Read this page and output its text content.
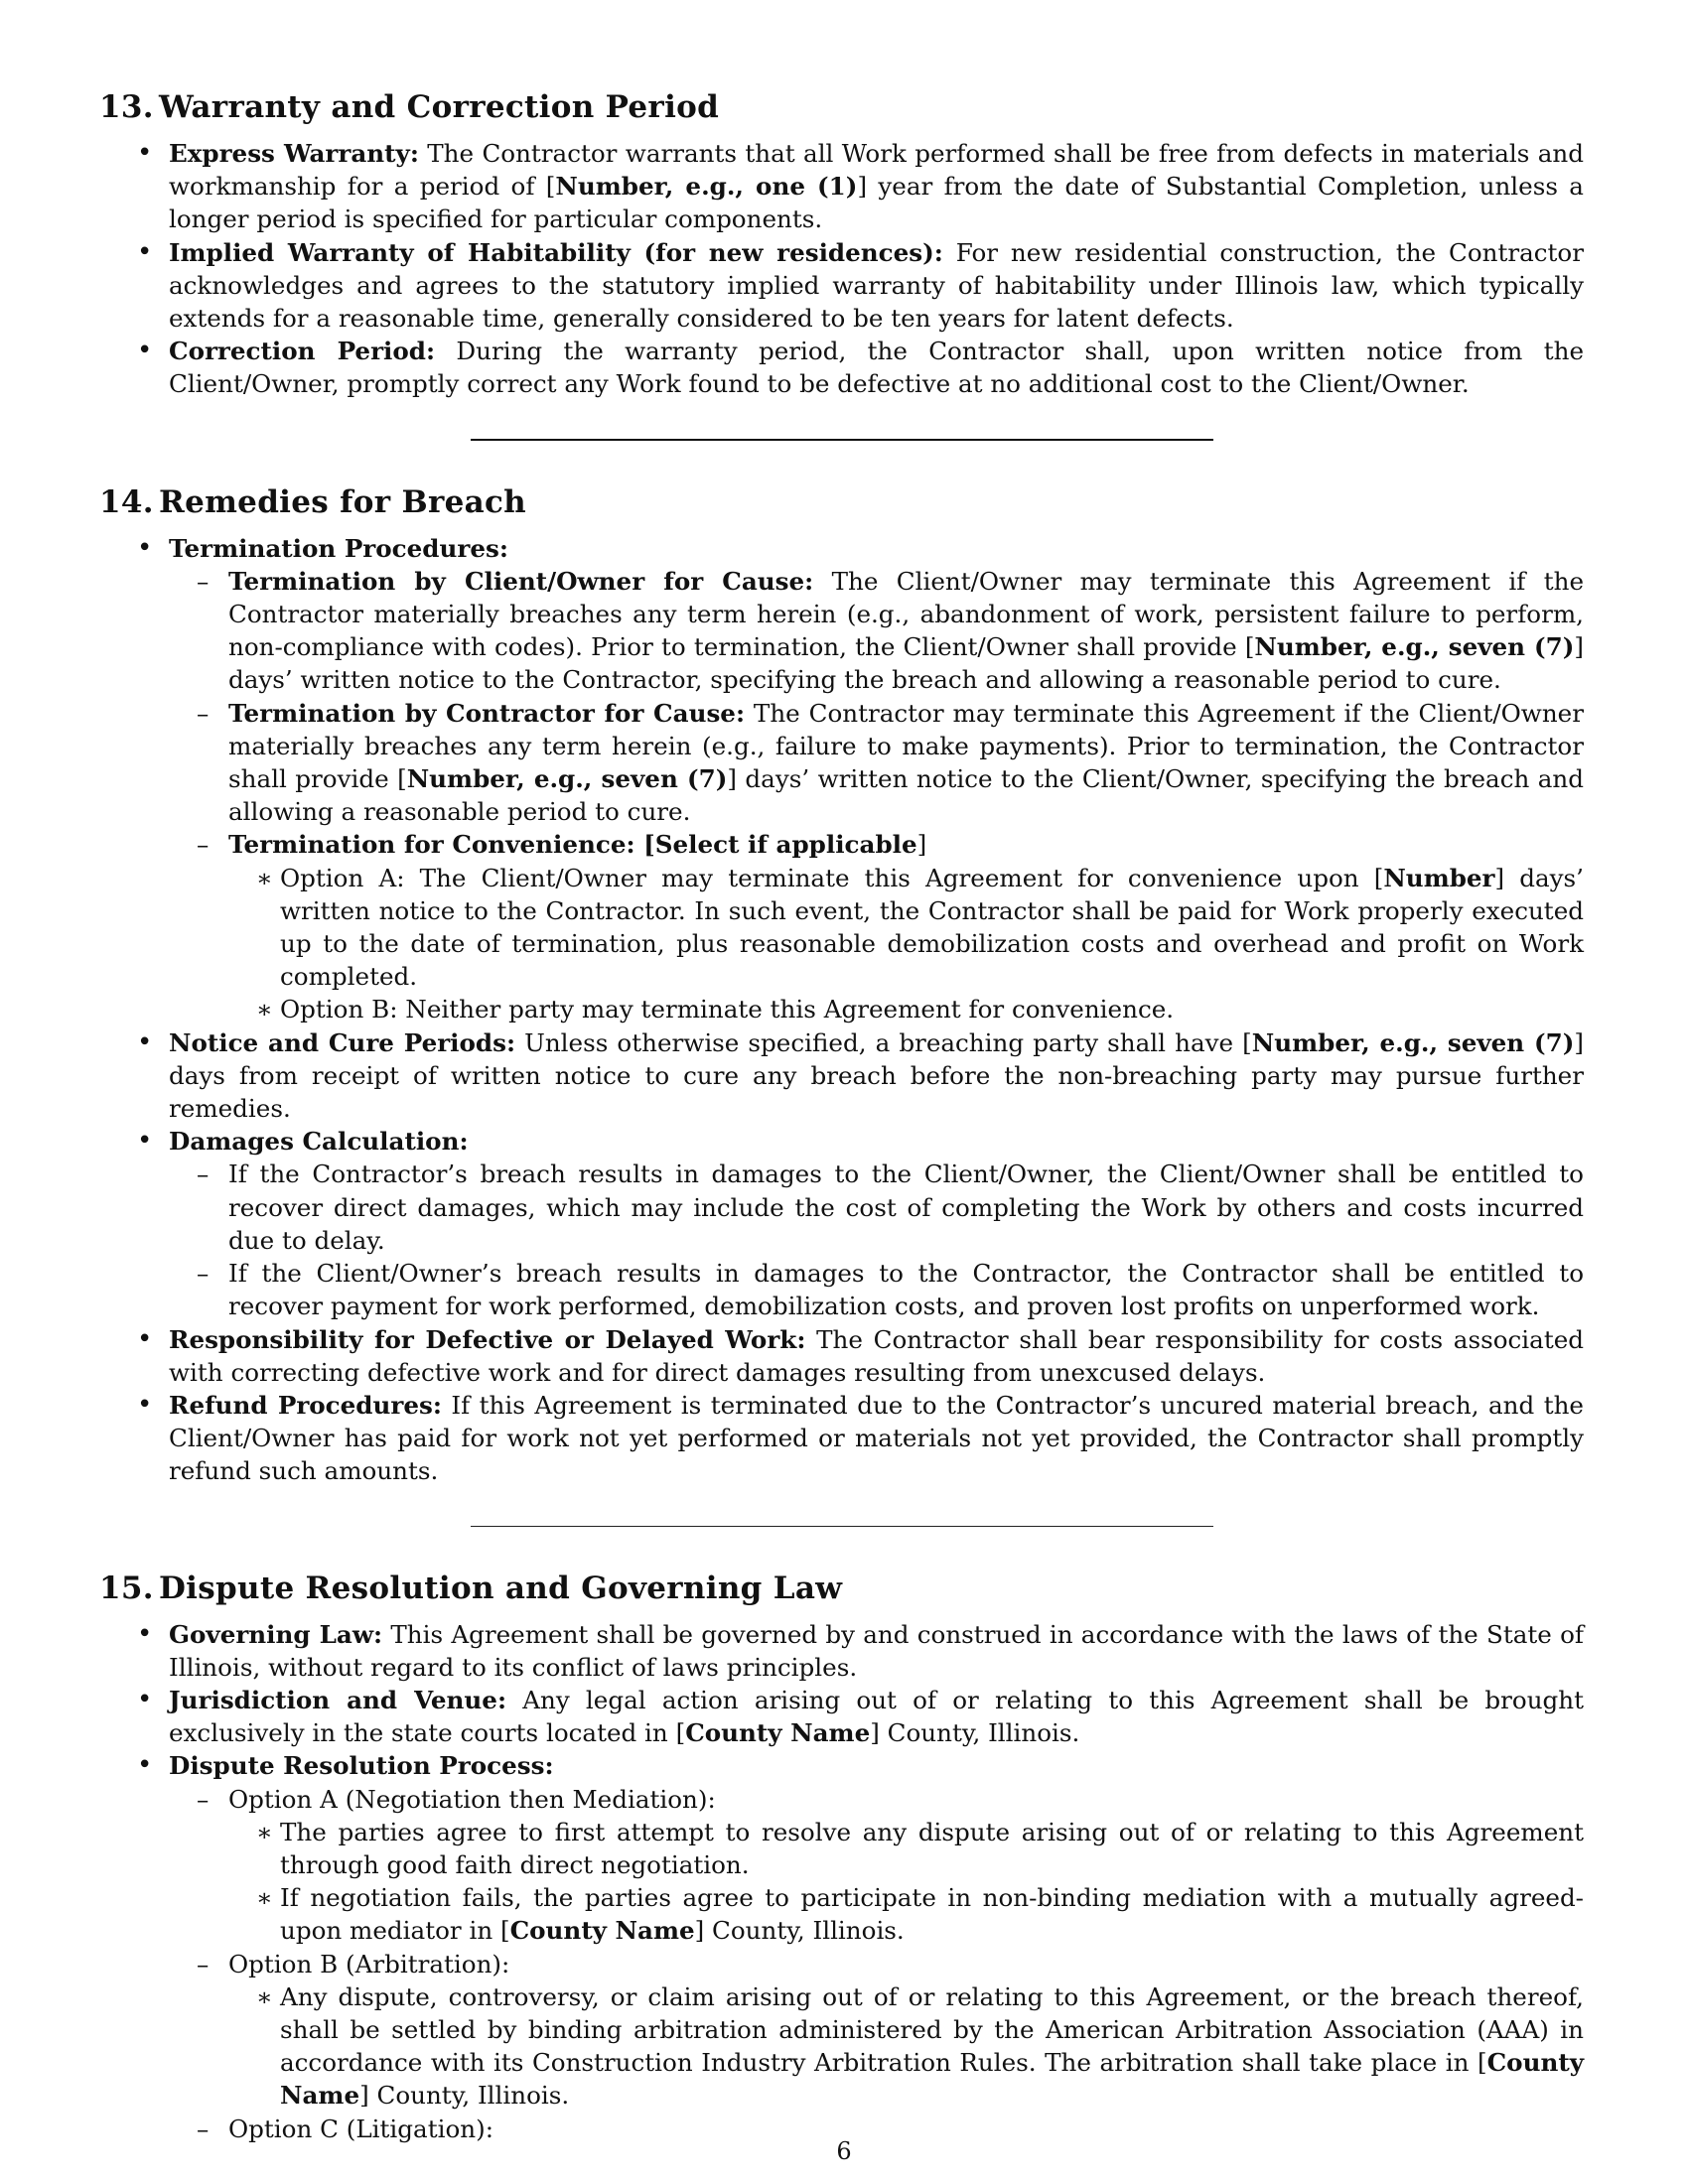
13. Warranty and Correction Period
• Express Warranty: The Contractor warrants that all Work performed shall be free from defects in materials and workmanship for a period of [Number, e.g., one (1)] year from the date of Substantial Completion, unless a longer period is specified for particular components.
• Implied Warranty of Habitability (for new residences): For new residential construction, the Contractor acknowledges and agrees to the statutory implied warranty of habitability under Illinois law, which typically extends for a reasonable time, generally considered to be ten years for latent defects.
• Correction Period: During the warranty period, the Contractor shall, upon written notice from the Client/Owner, promptly correct any Work found to be defective at no additional cost to the Client/Owner.
14. Remedies for Breach
• Termination Procedures:
– Termination by Client/Owner for Cause: The Client/Owner may terminate this Agreement if the Contractor materially breaches any term herein (e.g., abandonment of work, persistent failure to perform, non-compliance with codes). Prior to termination, the Client/Owner shall provide [Number, e.g., seven (7)] days’ written notice to the Contractor, specifying the breach and allowing a reasonable period to cure.
– Termination by Contractor for Cause: The Contractor may terminate this Agreement if the Client/Owner materially breaches any term herein (e.g., failure to make payments). Prior to termination, the Contractor shall provide [Number, e.g., seven (7)] days’ written notice to the Client/Owner, specifying the breach and allowing a reasonable period to cure.
– Termination for Convenience: [Select if applicable]
∗ Option A: The Client/Owner may terminate this Agreement for convenience upon [Number] days’ written notice to the Contractor. In such event, the Contractor shall be paid for Work properly executed up to the date of termination, plus reasonable demobilization costs and overhead and profit on Work completed.
∗ Option B: Neither party may terminate this Agreement for convenience.
• Notice and Cure Periods: Unless otherwise specified, a breaching party shall have [Number, e.g., seven (7)] days from receipt of written notice to cure any breach before the non-breaching party may pursue further remedies.
• Damages Calculation:
– If the Contractor’s breach results in damages to the Client/Owner, the Client/Owner shall be entitled to recover direct damages, which may include the cost of completing the Work by others and costs incurred due to delay.
– If the Client/Owner’s breach results in damages to the Contractor, the Contractor shall be entitled to recover payment for work performed, demobilization costs, and proven lost profits on unperformed work.
• Responsibility for Defective or Delayed Work: The Contractor shall bear responsibility for costs associated with correcting defective work and for direct damages resulting from unexcused delays.
• Refund Procedures: If this Agreement is terminated due to the Contractor’s uncured material breach, and the Client/Owner has paid for work not yet performed or materials not yet provided, the Contractor shall promptly refund such amounts.
15. Dispute Resolution and Governing Law
• Governing Law: This Agreement shall be governed by and construed in accordance with the laws of the State of Illinois, without regard to its conflict of laws principles.
• Jurisdiction and Venue: Any legal action arising out of or relating to this Agreement shall be brought exclusively in the state courts located in [County Name] County, Illinois.
• Dispute Resolution Process:
– Option A (Negotiation then Mediation):
∗ The parties agree to first attempt to resolve any dispute arising out of or relating to this Agreement through good faith direct negotiation.
∗ If negotiation fails, the parties agree to participate in non-binding mediation with a mutually agreed-upon mediator in [County Name] County, Illinois.
– Option B (Arbitration):
∗ Any dispute, controversy, or claim arising out of or relating to this Agreement, or the breach thereof, shall be settled by binding arbitration administered by the American Arbitration Association (AAA) in accordance with its Construction Industry Arbitration Rules. The arbitration shall take place in [County Name] County, Illinois.
– Option C (Litigation):
6
